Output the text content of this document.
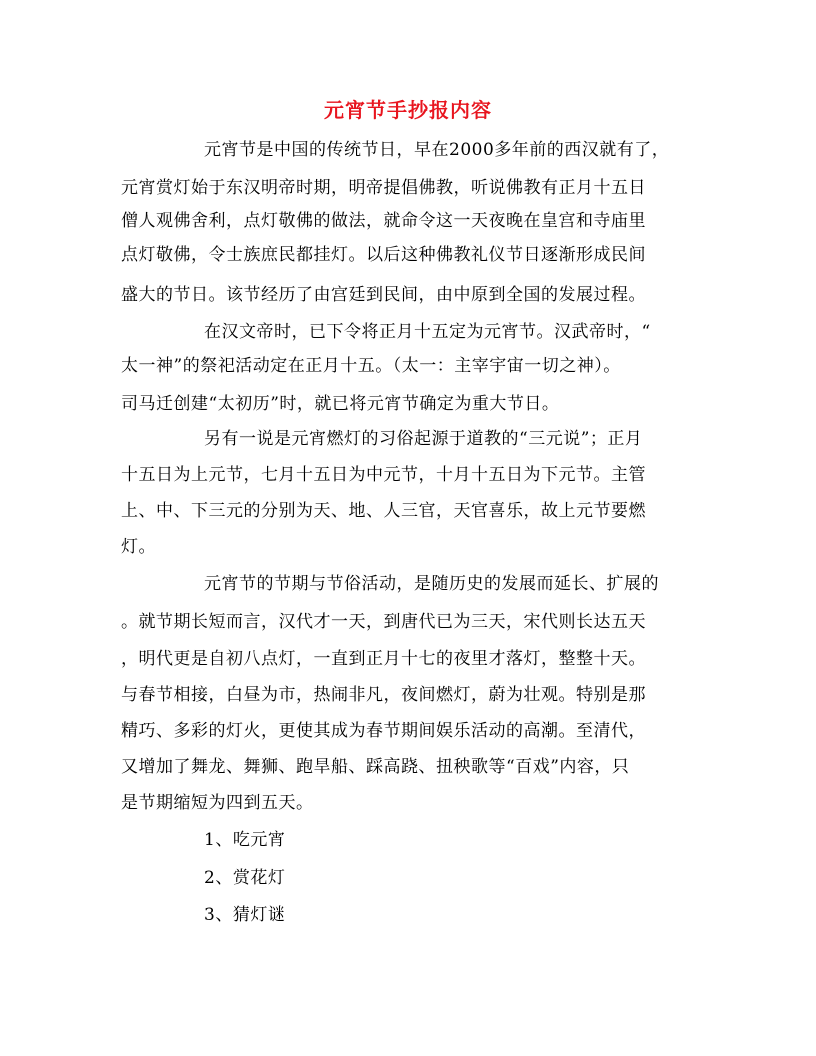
元宵节手抄报内容
元宵节是中国的传统节日，早在2000多年前的西汉就有了，
元宵赏灯始于东汉明帝时期，明帝提倡佛教，听说佛教有正月十五日
僧人观佛舍利，点灯敬佛的做法，就命令这一天夜晚在皇宫和寺庙里
点灯敬佛，令士族庶民都挂灯。以后这种佛教礼仪节日逐渐形成民间
盛大的节日。该节经历了由宫廷到民间，由中原到全国的发展过程。
在汉文帝时，已下令将正月十五定为元宵节。汉武帝时，“
太一神”的祭祀活动定在正月十五。（太一：主宰宇宙一切之神）。
司马迁创建“太初历”时，就已将元宵节确定为重大节日。
另有一说是元宵燃灯的习俗起源于道教的“三元说”；正月
十五日为上元节，七月十五日为中元节，十月十五日为下元节。主管
上、中、下三元的分别为天、地、人三官，天官喜乐，故上元节要燃
灯。
元宵节的节期与节俗活动，是随历史的发展而延长、扩展的
。就节期长短而言，汉代才一天，到唐代已为三天，宋代则长达五天
，明代更是自初八点灯，一直到正月十七的夜里才落灯，整整十天。
与春节相接，白昼为市，热闹非凡，夜间燃灯，蔚为壮观。特别是那
精巧、多彩的灯火，更使其成为春节期间娱乐活动的高潮。至清代，
又增加了舞龙、舞狮、跑旱船、踩高跷、扭秧歌等“百戏”内容，只
是节期缩短为四到五天。
1、吃元宵
2、赏花灯
3、猜灯谜
